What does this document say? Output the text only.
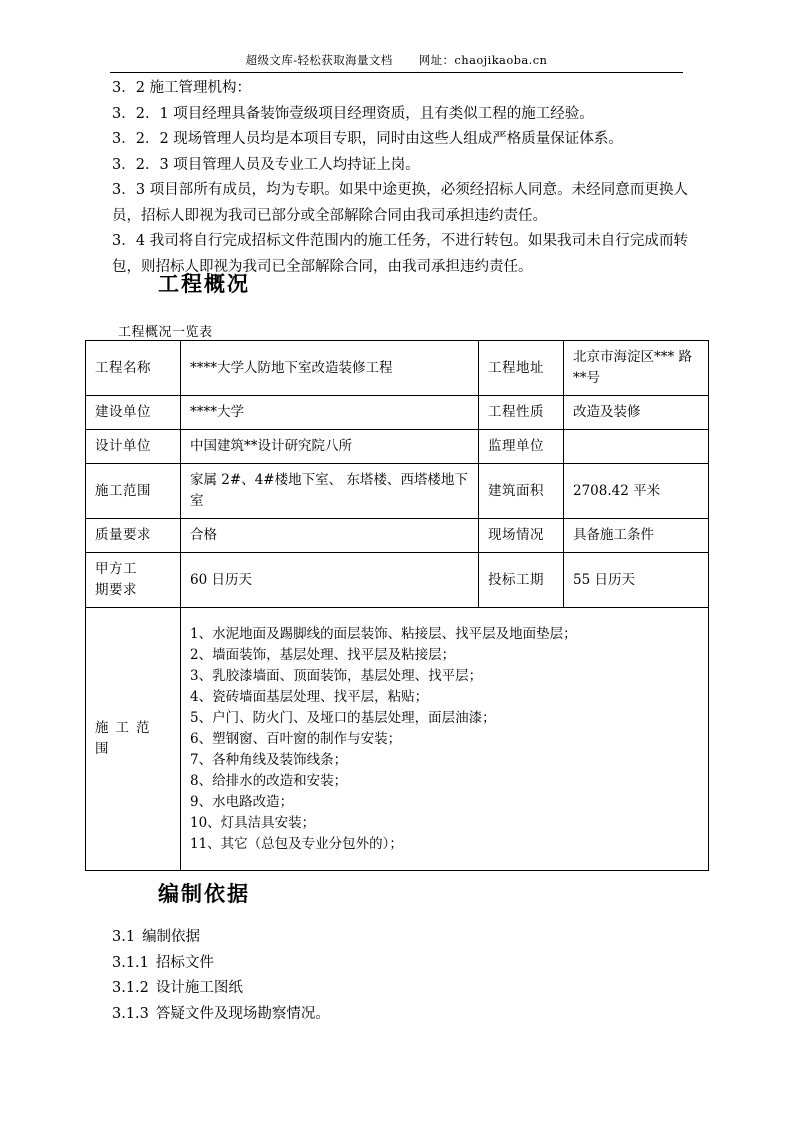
超级文库-轻松获取海量文档 网址：chaojikaoba.cn

3．2 施工管理机构：

3．2．1 项目经理具备装饰壹级项目经理资质，且有类似工程的施工经验。

3．2．2 现场管理人员均是本项目专职，同时由这些人组成严格质量保证体系。

3．2．3 项目管理人员及专业工人均持证上岗。

3．3 项目部所有成员，均为专职。如果中途更换，必须经招标人同意。未经同意而更换人员，招标人即视为我司已部分或全部解除合同由我司承担违约责任。

3．4 我司将自行完成招标文件范围内的施工任务，不进行转包。如果我司未自行完成而转包，则招标人即视为我司已全部解除合同，由我司承担违约责任。

工程概况
工程概况一览表
工程名称	****大学人防地下室改造装修工程	工程地址	北京市海淀区*** 路**号
建设单位	****大学	工程性质	改造及装修
设计单位	中国建筑**设计研究院八所	监理单位	
施工范围	家属 2#、4#楼地下室、 东塔楼、西塔楼地下室	建筑面积	2708.42 平米
质量要求	合格	现场情况	具备施工条件

甲方工
期要求	60 日历天	投标工期	55 日历天
施工范围	
1、水泥地面及踢脚线的面层装饰、粘接层、找平层及地面垫层；
2、墙面装饰，基层处理、找平层及粘接层；
3、乳胶漆墙面、顶面装饰，基层处理、找平层；
4、瓷砖墙面基层处理、找平层，粘贴；
5、户门、防火门、及垭口的基层处理，面层油漆；
6、塑钢窗、百叶窗的制作与安装；
7、各种角线及装饰线条；
8、给排水的改造和安装；
9、水电路改造；
10、灯具洁具安装；
11、其它（总包及专业分包外的）；
编制依据
3.1 编制依据
3.1.1 招标文件
3.1.2 设计施工图纸
3.1.3 答疑文件及现场勘察情况。
